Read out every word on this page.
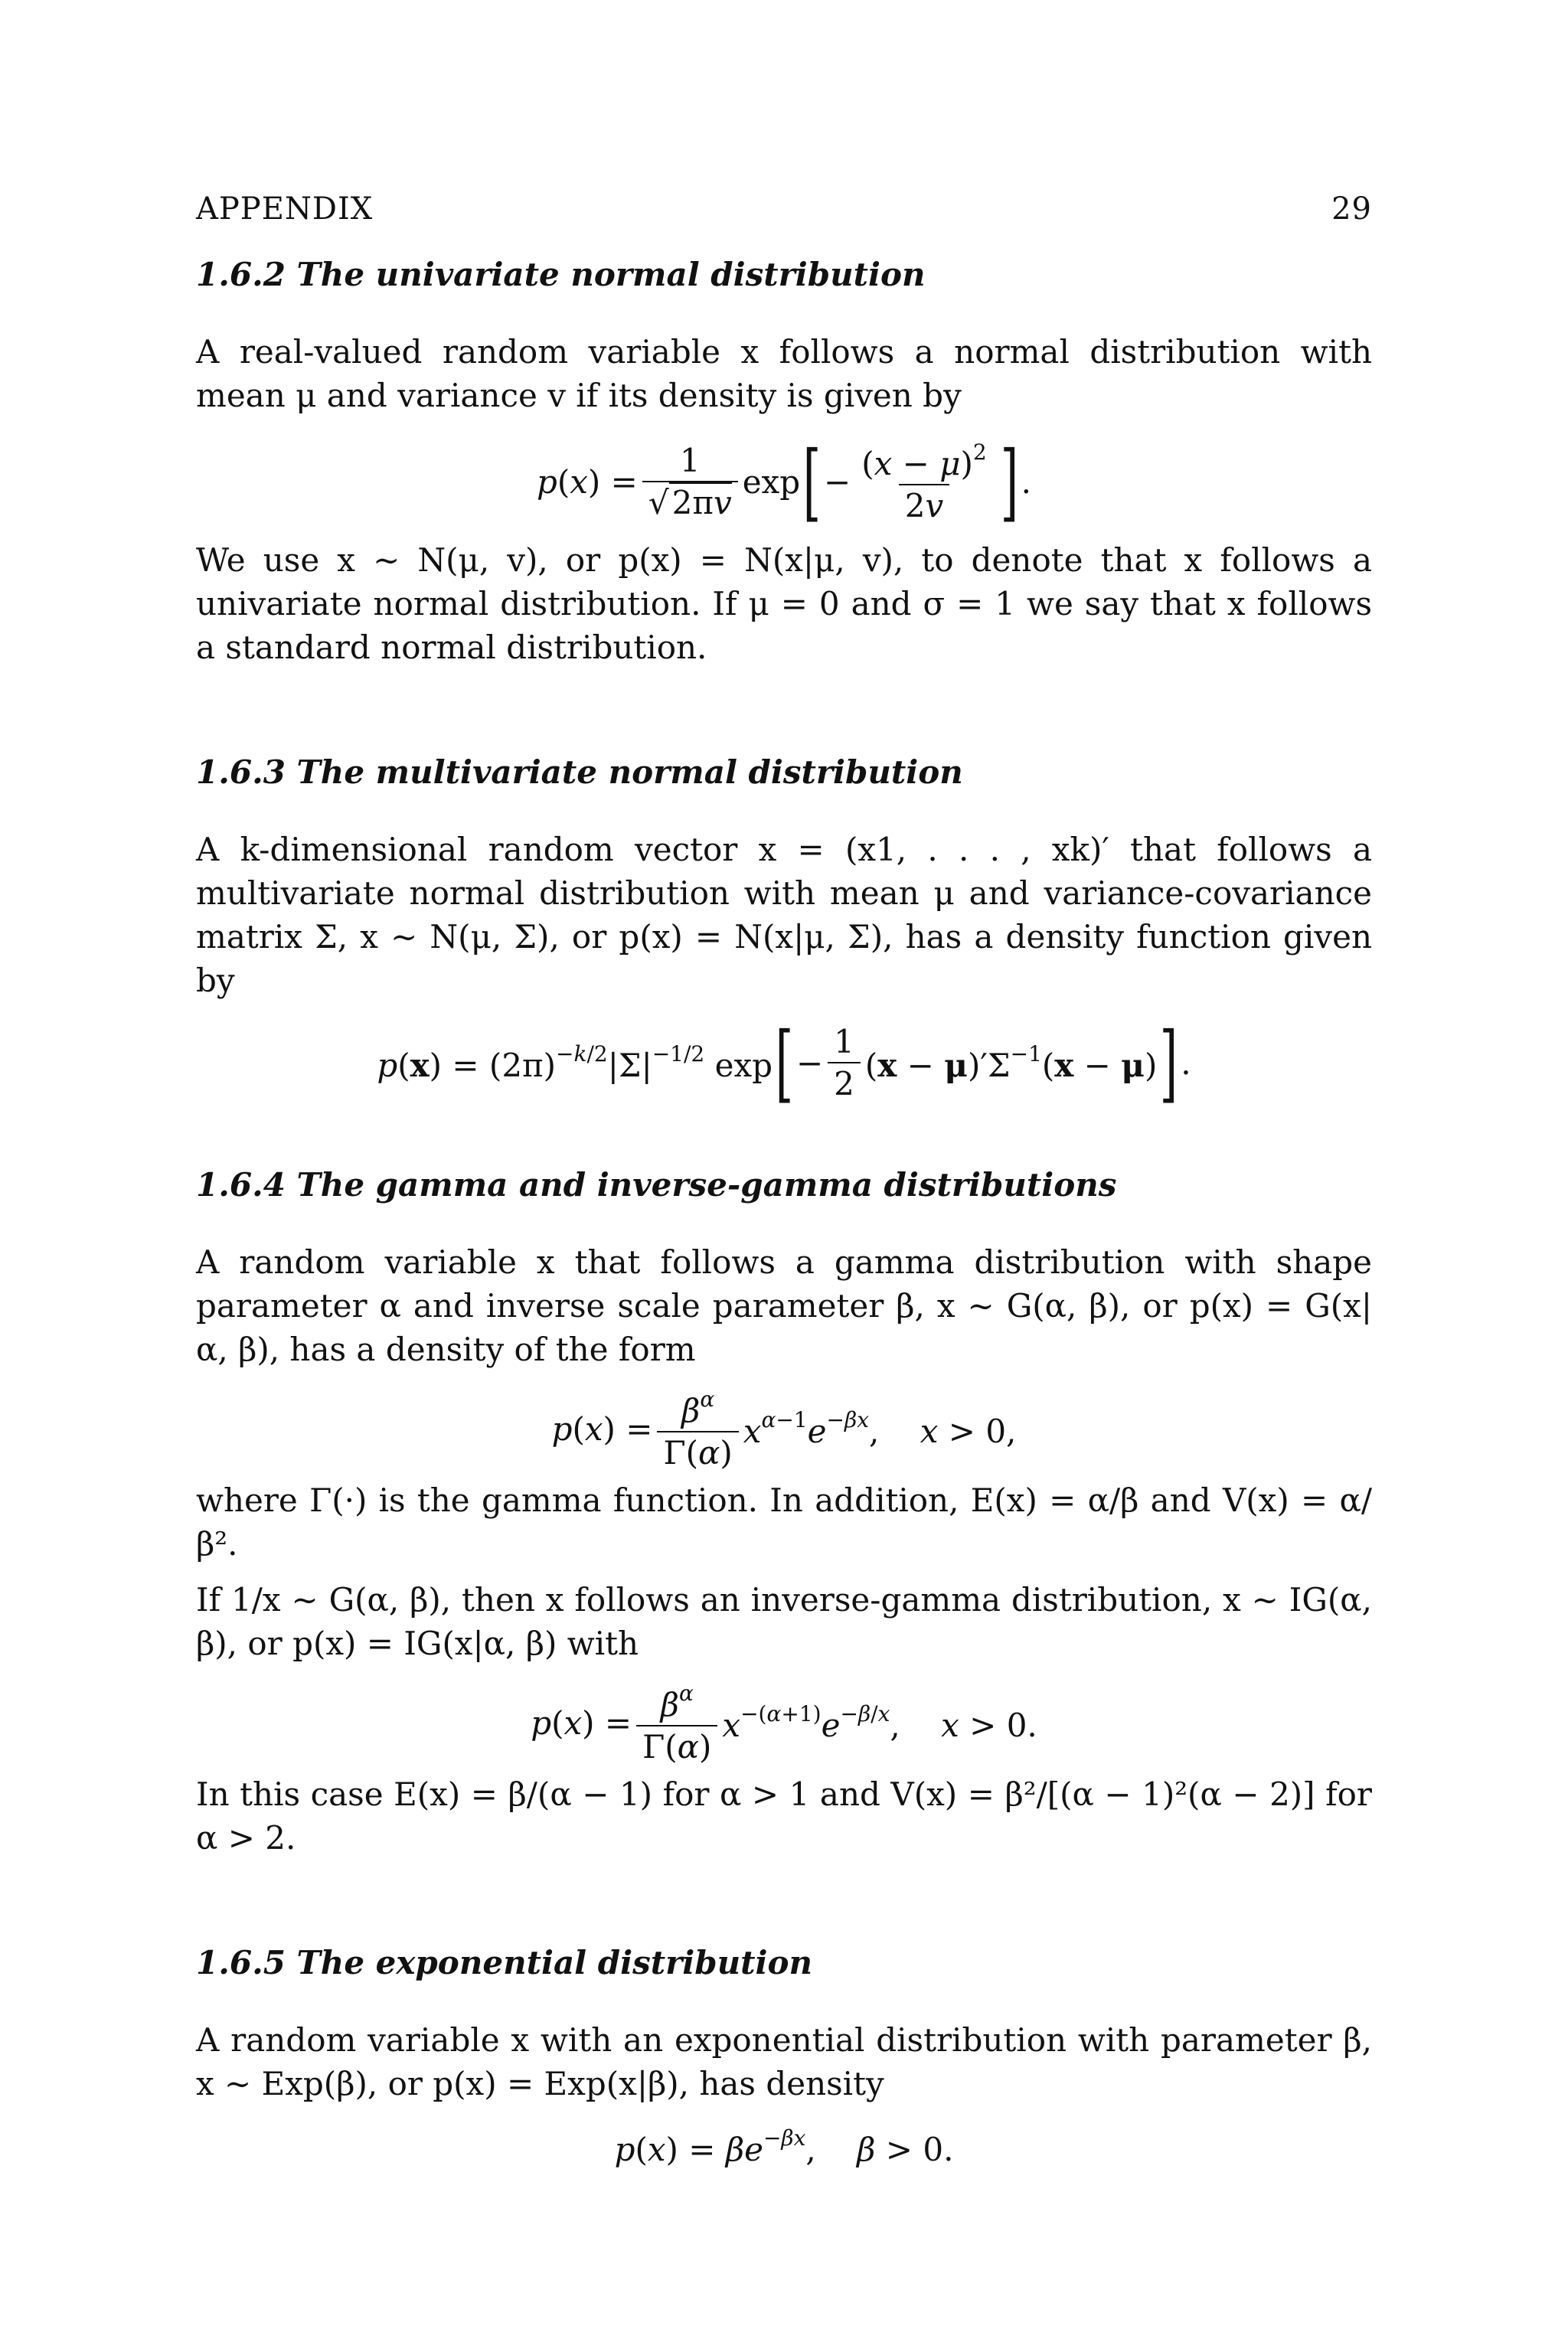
APPENDIX	29
1.6.2 The univariate normal distribution

A real-valued random variable x follows a normal distribution with mean μ and variance v if its density is given by

$p(x) = \frac{1}{√2\pi v}$ exp [ − $\frac{(x - \mu)^2}{2v}$ ] .

We use x ∼ N(μ, v), or p(x) = N(x|μ, v), to denote that x follows a univariate normal distribution. If μ = 0 and σ = 1 we say that x follows a standard normal distribution.

1.6.3 The multivariate normal distribution

A k-dimensional random vector x = (x1, . . . , xk)′ that follows a multivariate normal distribution with mean μ and variance-covariance matrix Σ, x ∼ N(μ, Σ), or p(x) = N(x|μ, Σ), has a density function given by

$p(x) = (2\pi)^{-k/2}|\Sigma|^{-1/2}$ exp [ − $\frac{1}{2} (x - \mu)'\Sigma^{-1}(x - \mu)$ ] .
1.6.4 The gamma and inverse-gamma distributions

A random variable x that follows a gamma distribution with shape parameter α and inverse scale parameter β, x ∼ G(α, β), or p(x) = G(x|α, β), has a density of the form

$p(x) = \frac{\beta^\alpha}{\Gamma(\alpha)} x^{\alpha-1}e^{-\beta x}$,    x > 0,

where Γ(·) is the gamma function. In addition, E(x) = α/β and V(x) = α/β².

If 1/x ∼ G(α, β), then x follows an inverse-gamma distribution, x ∼ IG(α, β), or p(x) = IG(x|α, β) with

$p(x) = \frac{\beta^\alpha}{\Gamma(\alpha)} x^{-(\alpha+1)}e^{-\beta/x}$,    x > 0.

In this case E(x) = β/(α − 1) for α > 1 and V(x) = β²/[(α − 1)²(α − 2)] for α > 2.

1.6.5 The exponential distribution

A random variable x with an exponential distribution with parameter β, x ∼ Exp(β), or p(x) = Exp(x|β), has density

$p(x) = \beta e^{-\beta x}$,    β > 0.
